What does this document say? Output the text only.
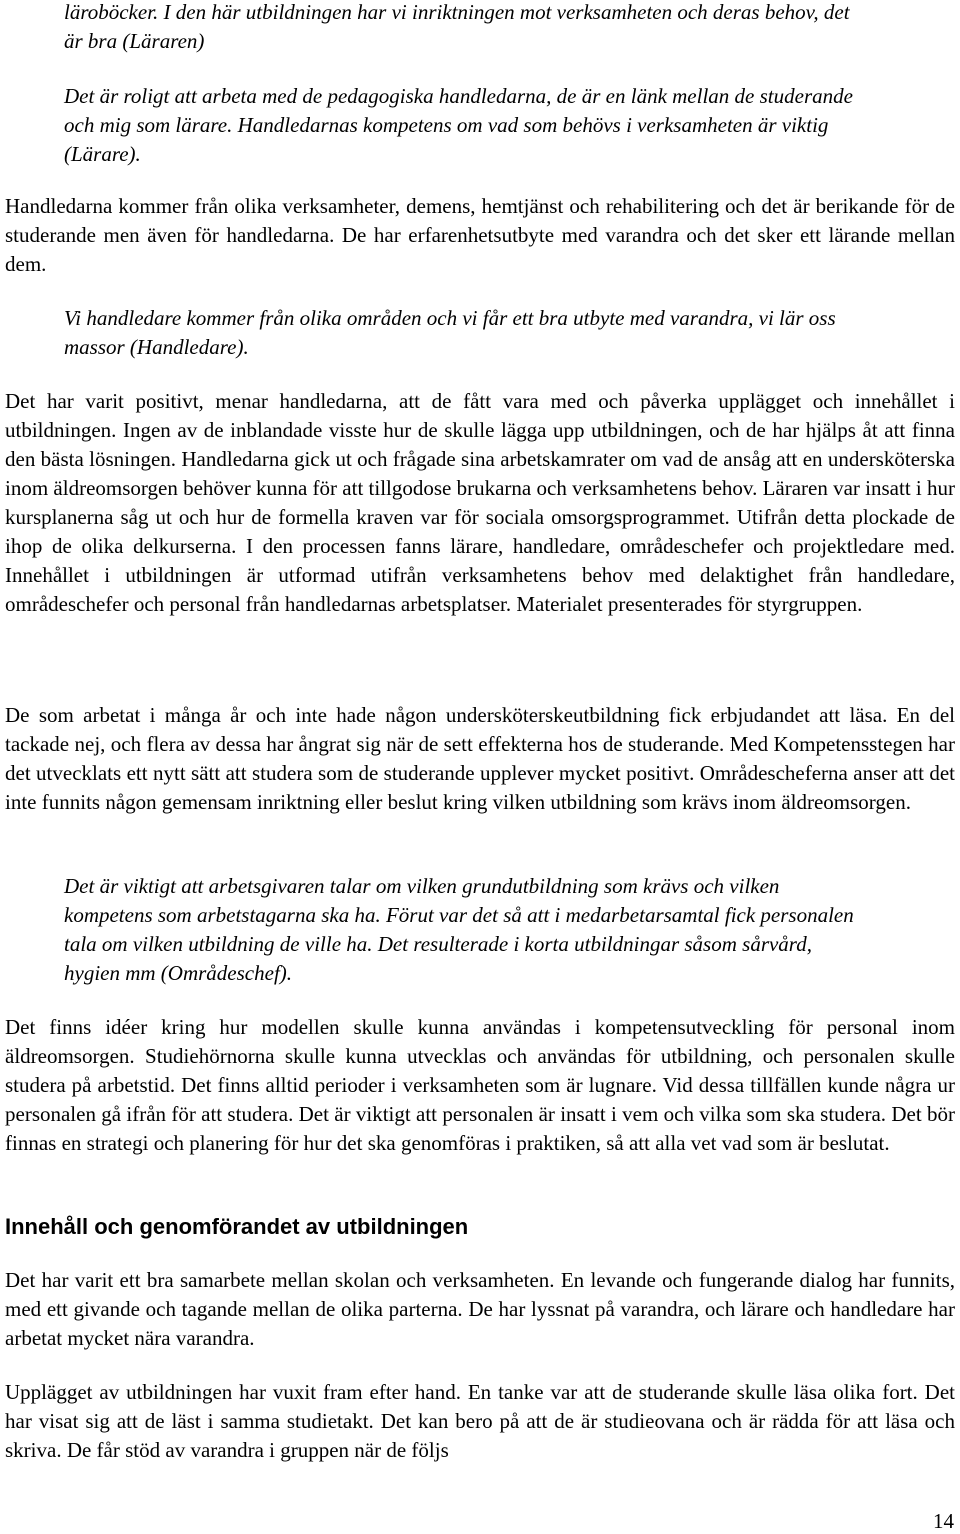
läroböcker. I den här utbildningen har vi inriktningen mot verksamheten och deras behov, det är bra (Läraren)

Det är roligt att arbeta med de pedagogiska handledarna, de är en länk mellan de studerande och mig som lärare. Handledarnas kompetens om vad som behövs i verksamheten är viktig (Lärare).

Handledarna kommer från olika verksamheter, demens, hemtjänst och rehabilitering och det är berikande för de studerande men även för handledarna. De har erfarenhetsutbyte med varandra och det sker ett lärande mellan dem.

Vi handledare kommer från olika områden och vi får ett bra utbyte med varandra, vi lär oss massor (Handledare).

Det har varit positivt, menar handledarna, att de fått vara med och påverka upplägget och innehållet i utbildningen. Ingen av de inblandade visste hur de skulle lägga upp utbildningen, och de har hjälps åt att finna den bästa lösningen. Handledarna gick ut och frågade sina arbetskamrater om vad de ansåg att en undersköterska inom äldreomsorgen behöver kunna för att tillgodose brukarna och verksamhetens behov. Läraren var insatt i hur kursplanerna såg ut och hur de formella kraven var för sociala omsorgsprogrammet. Utifrån detta plockade de ihop de olika delkurserna. I den processen fanns lärare, handledare, områdeschefer och projektledare med. Innehållet i utbildningen är utformad utifrån verksamhetens behov med delaktighet från handledare, områdeschefer och personal från handledarnas arbetsplatser. Materialet presenterades för styrgruppen.

De som arbetat i många år och inte hade någon undersköterskeutbildning fick erbjudandet att läsa. En del tackade nej, och flera av dessa har ångrat sig när de sett effekterna hos de studerande. Med Kompetensstegen har det utvecklats ett nytt sätt att studera som de studerande upplever mycket positivt. Områdescheferna anser att det inte funnits någon gemensam inriktning eller beslut kring vilken utbildning som krävs inom äldreomsorgen.

Det är viktigt att arbetsgivaren talar om vilken grundutbildning som krävs och vilken kompetens som arbetstagarna ska ha. Förut var det så att i medarbetarsamtal fick personalen tala om vilken utbildning de ville ha. Det resulterade i korta utbildningar såsom sårvård, hygien mm (Områdeschef).

Det finns idéer kring hur modellen skulle kunna användas i kompetensutveckling för personal inom äldreomsorgen. Studiehörnorna skulle kunna utvecklas och användas för utbildning, och personalen skulle studera på arbetstid. Det finns alltid perioder i verksamheten som är lugnare. Vid dessa tillfällen kunde några ur personalen gå ifrån för att studera. Det är viktigt att personalen är insatt i vem och vilka som ska studera. Det bör finnas en strategi och planering för hur det ska genomföras i praktiken, så att alla vet vad som är beslutat.

Innehåll och genomförandet av utbildningen

Det har varit ett bra samarbete mellan skolan och verksamheten. En levande och fungerande dialog har funnits, med ett givande och tagande mellan de olika parterna. De har lyssnat på varandra, och lärare och handledare har arbetat mycket nära varandra.

Upplägget av utbildningen har vuxit fram efter hand. En tanke var att de studerande skulle läsa olika fort. Det har visat sig att de läst i samma studietakt. Det kan bero på att de är studieovana och är rädda för att läsa och skriva. De får stöd av varandra i gruppen när de följs

14
